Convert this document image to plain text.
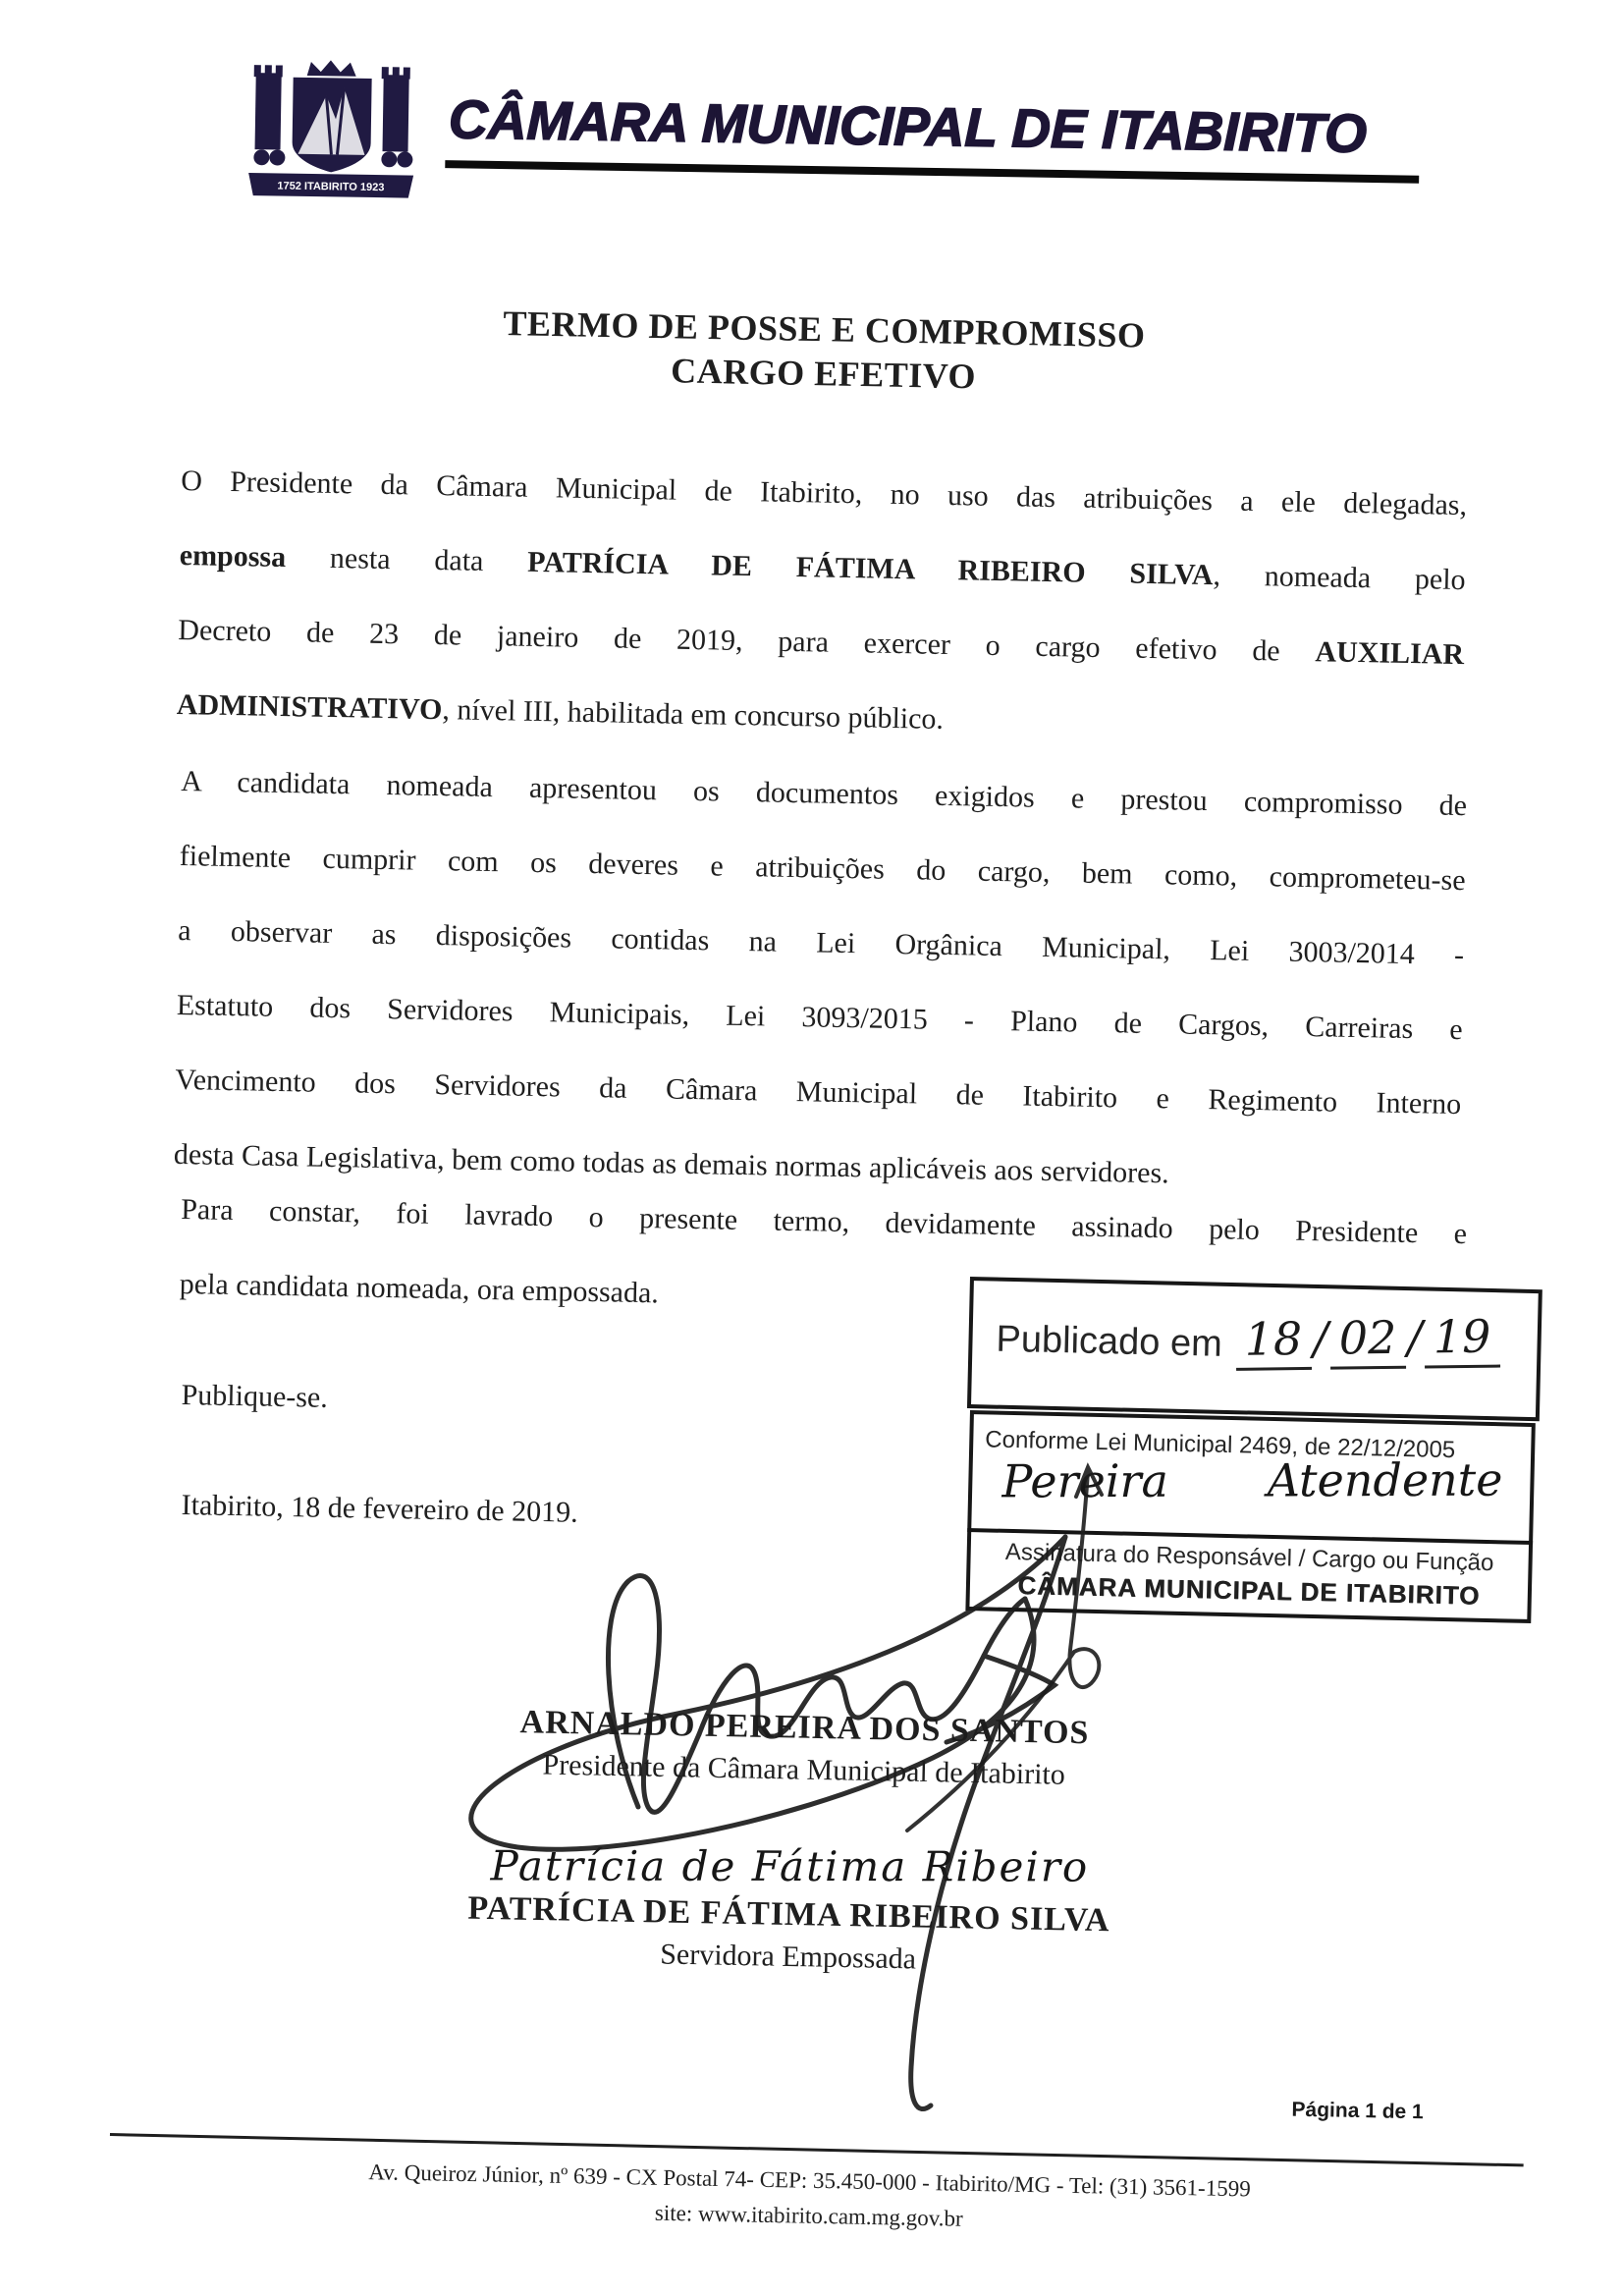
1752 ITABIRITO 1923
CÂMARA MUNICIPAL DE ITABIRITO
TERMO DE POSSE E COMPROMISSO
CARGO EFETIVO
O Presidente da Câmara Municipal de Itabirito, no uso das atribuições a ele delegadas,
empossa nesta data PATRÍCIA DE FÁTIMA RIBEIRO SILVA, nomeada pelo
Decreto de 23 de janeiro de 2019, para exercer o cargo efetivo de AUXILIAR
ADMINISTRATIVO, nível III, habilitada em concurso público.
A candidata nomeada apresentou os documentos exigidos e prestou compromisso de
fielmente cumprir com os deveres e atribuições do cargo, bem como, comprometeu-se
a observar as disposições contidas na Lei Orgânica Municipal, Lei 3003/2014 -
Estatuto dos Servidores Municipais, Lei 3093/2015 - Plano de Cargos, Carreiras e
Vencimento dos Servidores da Câmara Municipal de Itabirito e Regimento Interno
desta Casa Legislativa, bem como todas as demais normas aplicáveis aos servidores.
Para constar, foi lavrado o presente termo, devidamente assinado pelo Presidente e
pela candidata nomeada, ora empossada.
Publique-se.
Itabirito, 18 de fevereiro de 2019.
Publicado em 18 / 02 / 19
Conforme Lei Municipal 2469, de 22/12/2005
Pereira Atendente
Assinatura do Responsável / Cargo ou Função
CÂMARA MUNICIPAL DE ITABIRITO
ARNALDO PEREIRA DOS SANTOS
Presidente da Câmara Municipal de Itabirito
Patrícia de Fátima Ribeiro
PATRÍCIA DE FÁTIMA RIBEIRO SILVA
Servidora Empossada
Página 1 de 1
Av. Queiroz Júnior, nº 639 - CX Postal 74- CEP: 35.450-000 - Itabirito/MG - Tel: (31) 3561-1599
site: www.itabirito.cam.mg.gov.br
